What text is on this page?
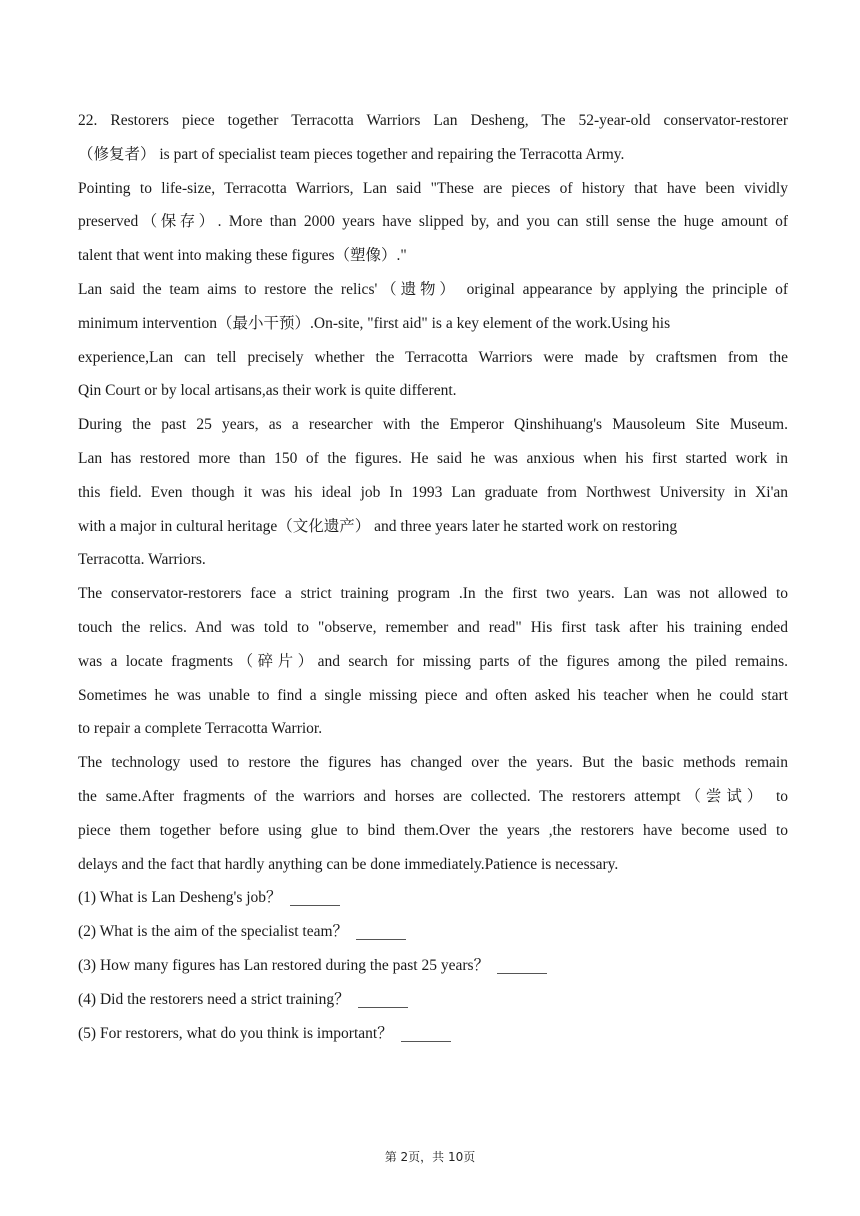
22. Restorers piece together Terracotta Warriors Lan Desheng, The 52-year-old conservator-restorer
（修复者） is part of specialist team pieces together and repairing the Terracotta Army.
Pointing to life-size, Terracotta Warriors, Lan said "These are pieces of history that have been vividly
preserved（保存）. More than 2000 years have slipped by, and you can still sense the huge amount of
talent that went into making these figures（塑像）."
Lan said the team aims to restore the relics'（遗物） original appearance by applying the principle of
minimum intervention（最小干预）.On-site, "first aid" is a key element of the work.Using his
experience,Lan can tell precisely whether the Terracotta Warriors were made by craftsmen from the
Qin Court or by local artisans,as their work is quite different.
During the past 25 years, as a researcher with the Emperor Qinshihuang's Mausoleum Site Museum.
Lan has restored more than 150 of the figures. He said he was anxious when his first started work in
this field. Even though it was his ideal job In 1993 Lan graduate from Northwest University in Xi'an
with a major in cultural heritage（文化遗产） and three years later he started work on restoring
Terracotta. Warriors.
The conservator-restorers face a strict training program .In the first two years. Lan was not allowed to
touch the relics. And was told to "observe, remember and read" His first task after his training ended
was a locate fragments（碎片）and search for missing parts of the figures among the piled remains.
Sometimes he was unable to find a single missing piece and often asked his teacher when he could start
to repair a complete Terracotta Warrior.
The technology used to restore the figures has changed over the years. But the basic methods remain
the same.After fragments of the warriors and horses are collected. The restorers attempt（尝试） to
piece them together before using glue to bind them.Over the years ,the restorers have become used to
delays and the fact that hardly anything can be done immediately.Patience is necessary.
(1) What is Lan Desheng's job？
(2) What is the aim of the specialist team？
(3) How many figures has Lan restored during the past 25 years？
(4) Did the restorers need a strict training？
(5) For restorers, what do you think is important？
第 2页，共 10页
